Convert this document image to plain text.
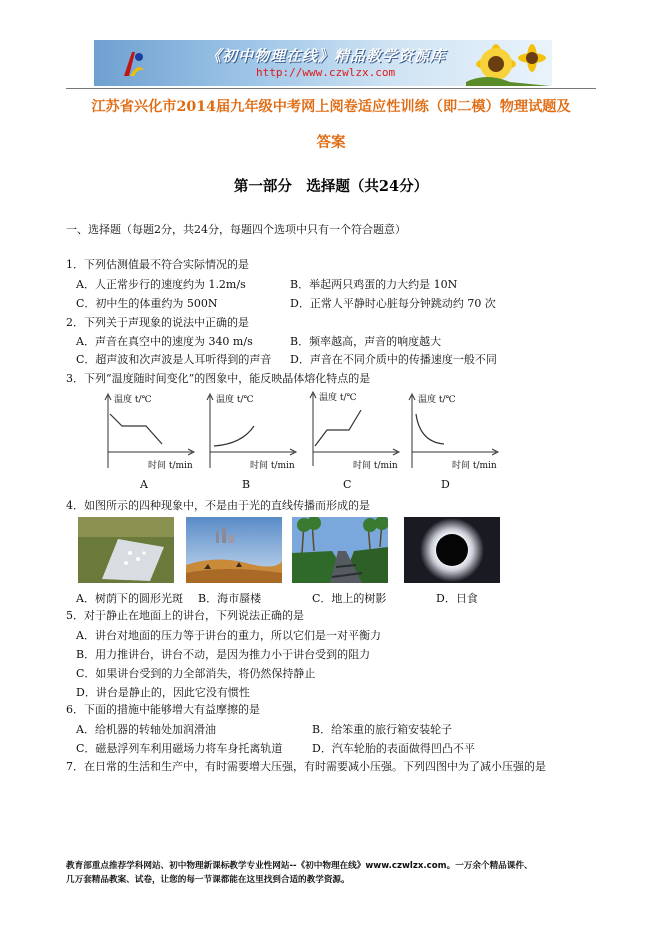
《初中物理在线》精品教学资源库
http://www.czwlzx.com
江苏省兴化市2014届九年级中考网上阅卷适应性训练（即二模）物理试题及
答案
第一部分　选择题（共24分）
一、选择题（每题2分，共24分，每题四个选项中只有一个符合题意）
1．下列估测值最不符合实际情况的是
A．人正常步行的速度约为 1.2m/s	B．举起两只鸡蛋的力大约是 10N
C．初中生的体重约为 500N	D．正常人平静时心脏每分钟跳动约 70 次
2．下列关于声现象的说法中正确的是
A．声音在真空中的速度为 340 m/s	B．频率越高，声音的响度越大
C．超声波和次声波是人耳听得到的声音 D．声音在不同介质中的传播速度一般不同
3．下列“温度随时间变化”的图象中，能反映晶体熔化特点的是
温度 t/℃
时间 t/min
A
温度 t/℃
时间 t/min
B
温度 t/℃
时间 t/min
C
温度 t/℃
时间 t/min
D
4．如图所示的四种现象中，不是由于光的直线传播而形成的是
A．树荫下的圆形光斑 B．海市蜃楼	C．地上的树影	D．日食
5．对于静止在地面上的讲台，下列说法正确的是
A．讲台对地面的压力等于讲台的重力，所以它们是一对平衡力
B．用力推讲台，讲台不动，是因为推力小于讲台受到的阻力
C．如果讲台受到的力全部消失，将仍然保持静止
D．讲台是静止的，因此它没有惯性
6．下面的措施中能够增大有益摩擦的是
A．给机器的转轴处加润滑油	B．给笨重的旅行箱安装轮子
C．磁悬浮列车利用磁场力将车身托离轨道	D．汽车轮胎的表面做得凹凸不平
7．在日常的生活和生产中，有时需要增大压强，有时需要减小压强。下列四图中为了减小压强的是
教育部重点推荐学科网站、初中物理新课标教学专业性网站--《初中物理在线》www.czwlzx.com。一万余个精品课件、
几万套精品教案、试卷，让您的每一节课都能在这里找到合适的教学资源。
